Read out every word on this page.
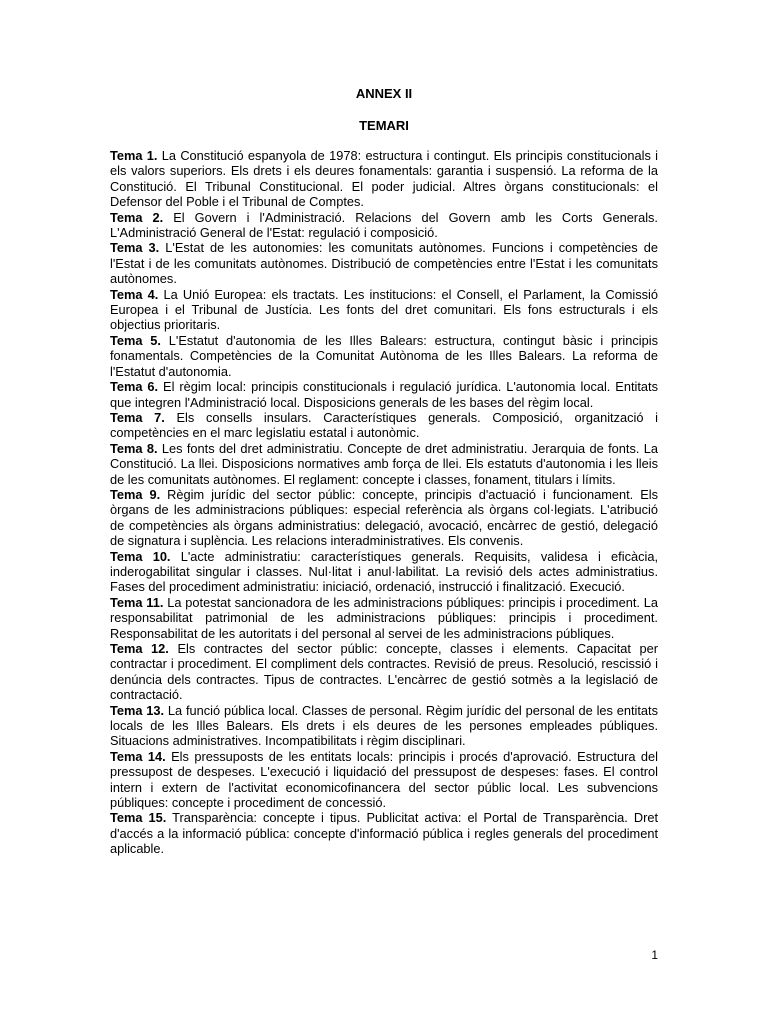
ANNEX II
TEMARI

Tema 1. La Constitució espanyola de 1978: estructura i contingut. Els principis constitucionals i els valors superiors. Els drets i els deures fonamentals: garantia i suspensió. La reforma de la Constitució. El Tribunal Constitucional. El poder judicial. Altres òrgans constitucionals: el Defensor del Poble i el Tribunal de Comptes.

Tema 2. El Govern i l'Administració. Relacions del Govern amb les Corts Generals. L'Administració General de l'Estat: regulació i composició.

Tema 3. L'Estat de les autonomies: les comunitats autònomes. Funcions i competències de l'Estat i de les comunitats autònomes. Distribució de competències entre l'Estat i les comunitats autònomes.

Tema 4. La Unió Europea: els tractats. Les institucions: el Consell, el Parlament, la Comissió Europea i el Tribunal de Justícia. Les fonts del dret comunitari. Els fons estructurals i els objectius prioritaris.

Tema 5. L'Estatut d'autonomia de les Illes Balears: estructura, contingut bàsic i principis fonamentals. Competències de la Comunitat Autònoma de les Illes Balears. La reforma de l'Estatut d'autonomia.

Tema 6. El règim local: principis constitucionals i regulació jurídica. L'autonomia local. Entitats que integren l'Administració local. Disposicions generals de les bases del règim local.

Tema 7. Els consells insulars. Característiques generals. Composició, organització i competències en el marc legislatiu estatal i autonòmic.

Tema 8. Les fonts del dret administratiu. Concepte de dret administratiu. Jerarquia de fonts. La Constitució. La llei. Disposicions normatives amb força de llei. Els estatuts d'autonomia i les lleis de les comunitats autònomes. El reglament: concepte i classes, fonament, titulars i límits.

Tema 9. Règim jurídic del sector públic: concepte, principis d'actuació i funcionament. Els òrgans de les administracions públiques: especial referència als òrgans col·legiats. L'atribució de competències als òrgans administratius: delegació, avocació, encàrrec de gestió, delegació de signatura i suplència. Les relacions interadministratives. Els convenis.

Tema 10. L'acte administratiu: característiques generals. Requisits, validesa i eficàcia, inderogabilitat singular i classes. Nul·litat i anul·labilitat. La revisió dels actes administratius. Fases del procediment administratiu: iniciació, ordenació, instrucció i finalització. Execució.

Tema 11. La potestat sancionadora de les administracions públiques: principis i procediment. La responsabilitat patrimonial de les administracions públiques: principis i procediment. Responsabilitat de les autoritats i del personal al servei de les administracions públiques.

Tema 12. Els contractes del sector públic: concepte, classes i elements. Capacitat per contractar i procediment. El compliment dels contractes. Revisió de preus. Resolució, rescissió i denúncia dels contractes. Tipus de contractes. L'encàrrec de gestió sotmès a la legislació de contractació.

Tema 13. La funció pública local. Classes de personal. Règim jurídic del personal de les entitats locals de les Illes Balears. Els drets i els deures de les persones empleades públiques. Situacions administratives. Incompatibilitats i règim disciplinari.

Tema 14. Els pressuposts de les entitats locals: principis i procés d'aprovació. Estructura del pressupost de despeses. L'execució i liquidació del pressupost de despeses: fases. El control intern i extern de l'activitat economicofinancera del sector públic local. Les subvencions públiques: concepte i procediment de concessió.

Tema 15. Transparència: concepte i tipus. Publicitat activa: el Portal de Transparència. Dret d'accés a la informació pública: concepte d'informació pública i regles generals del procediment aplicable.

1
